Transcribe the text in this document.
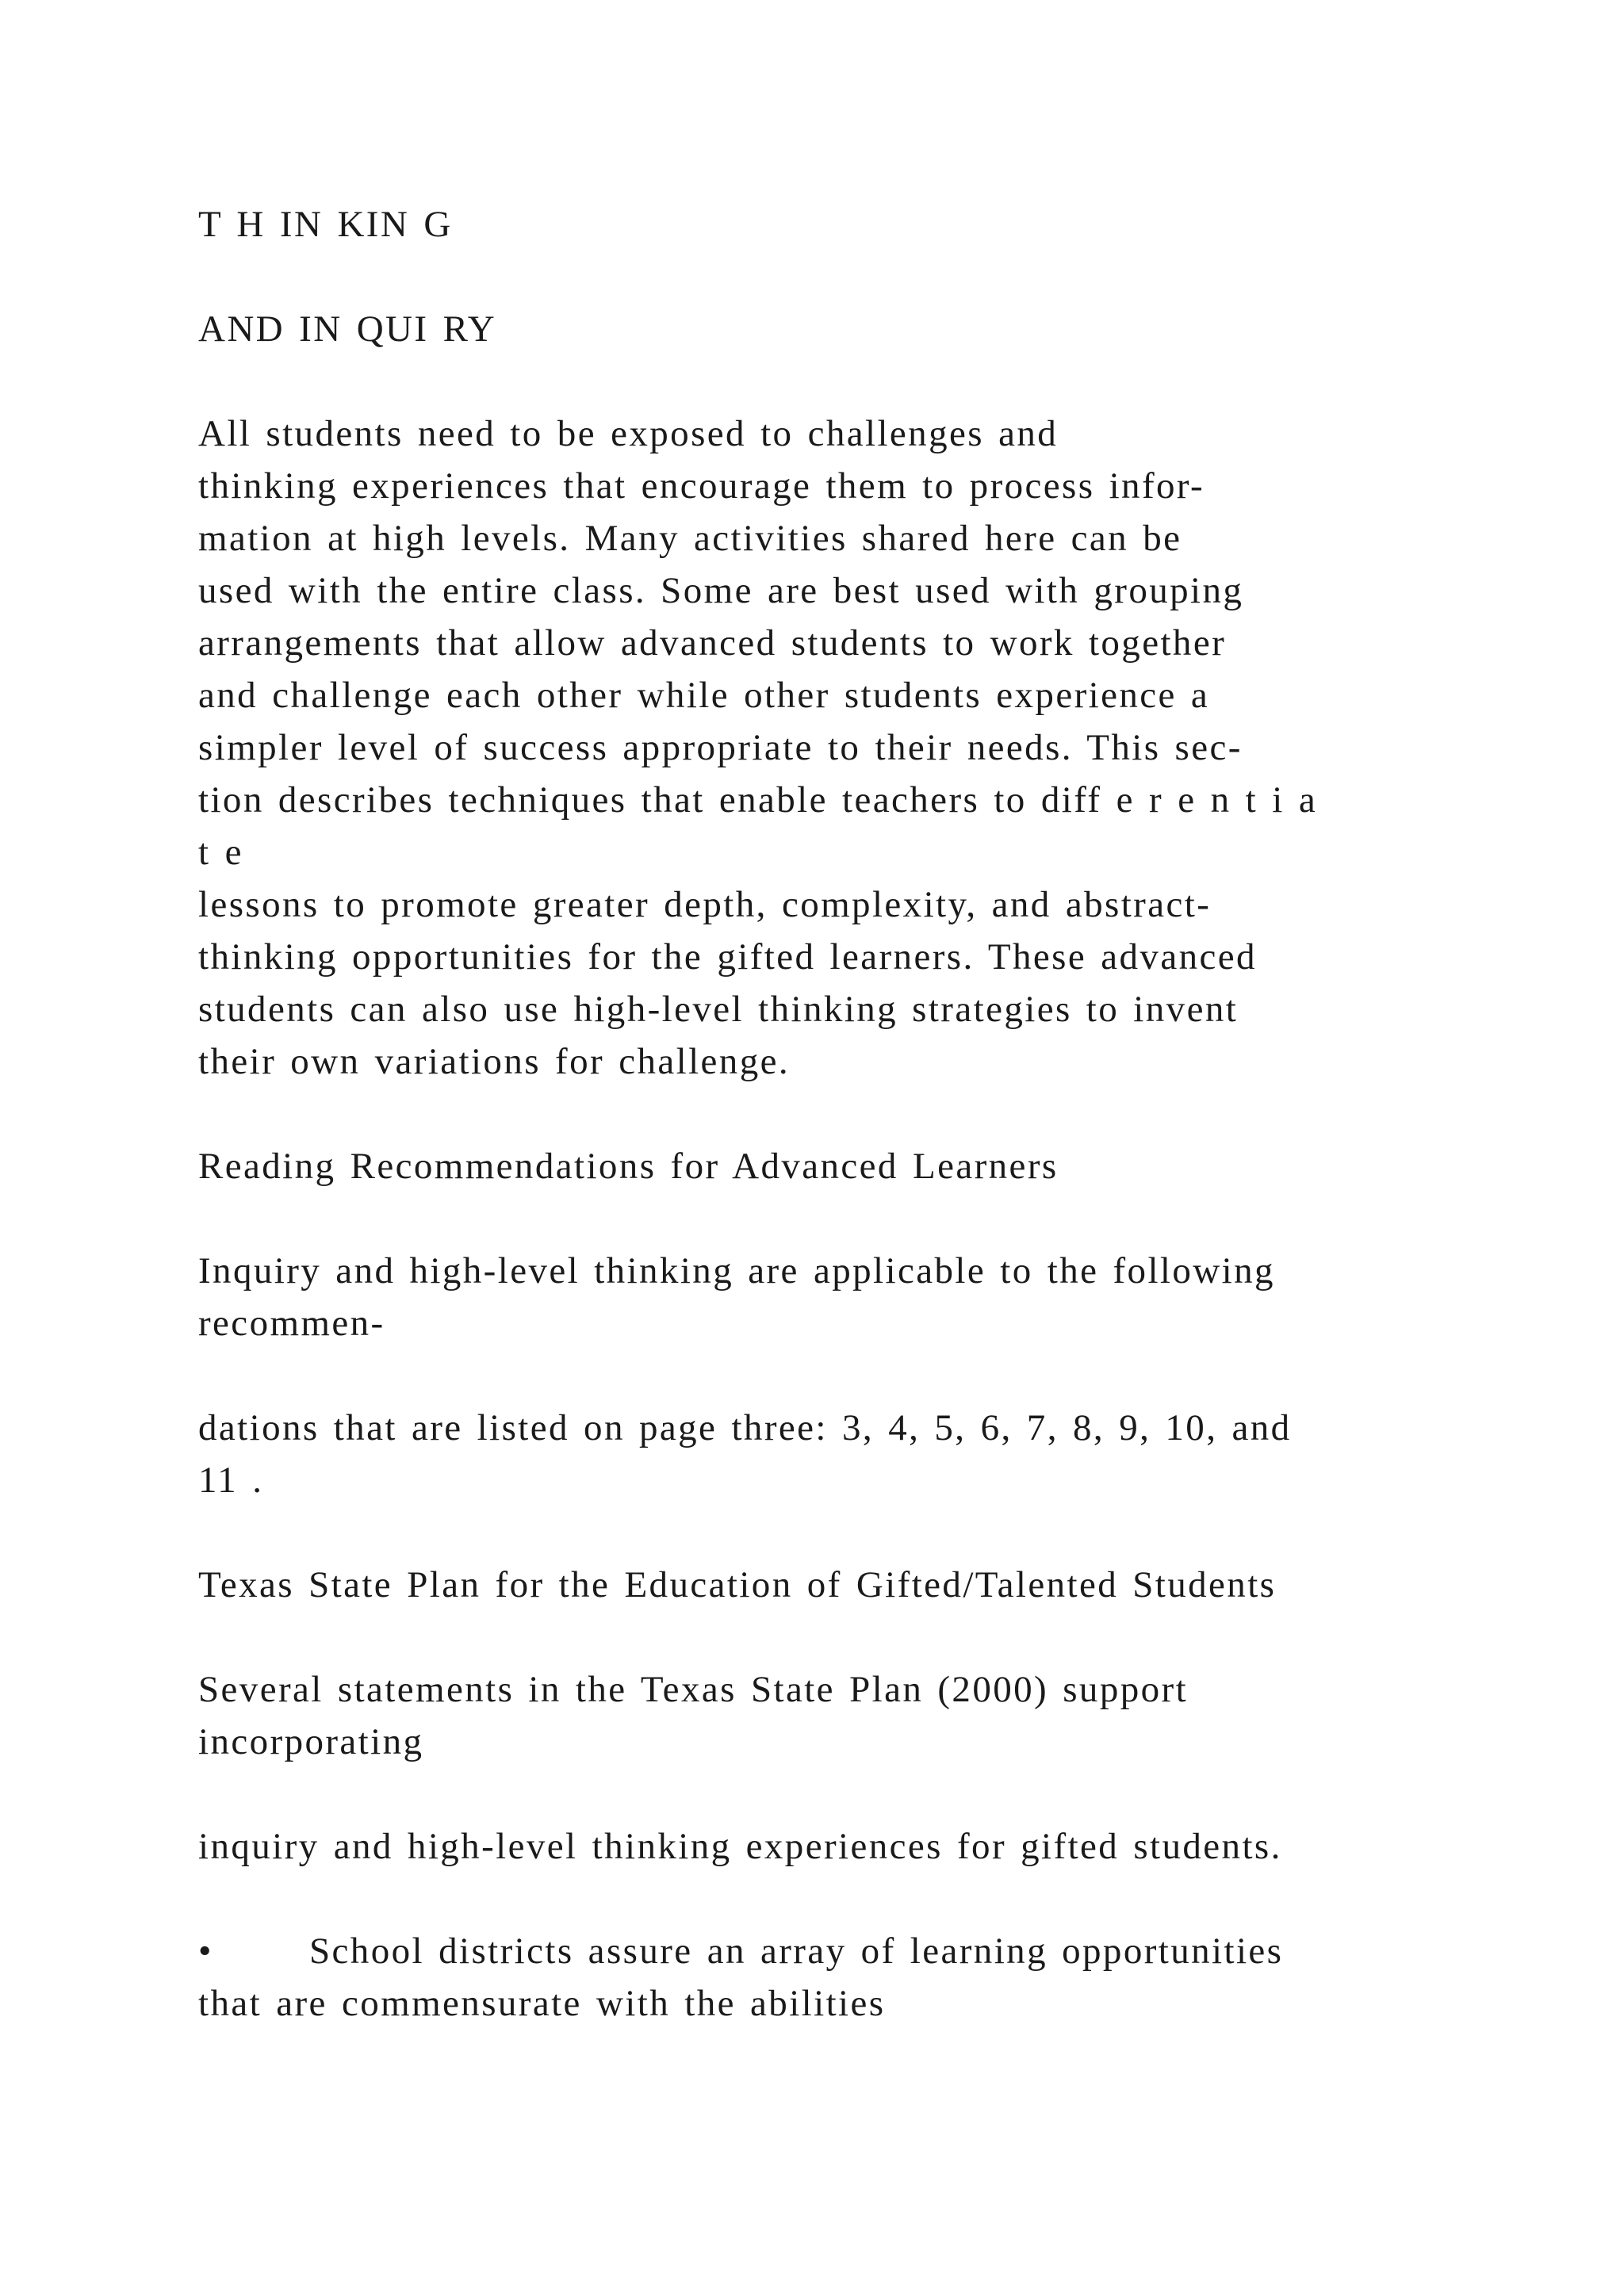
T H IN KIN G
AND IN QUI RY
All students need to be exposed to challenges and
thinking experiences that encourage them to process infor-
mation at high levels. Many activities shared here can be
used with the entire class. Some are best used with grouping
arrangements that allow advanced students to work together
and challenge each other while other students experience a
simpler level of success appropriate to their needs. This sec-
tion describes techniques that enable teachers to diff e r e n t i a
t e
lessons to promote greater depth, complexity, and abstract-
thinking opportunities for the gifted learners. These advanced
students can also use high-level thinking strategies to invent
their own variations for challenge.
Reading Recommendations for Advanced Learners
Inquiry and high-level thinking are applicable to the following
recommen-
dations that are listed on page three: 3, 4, 5, 6, 7, 8, 9, 10, and
11 .
Texas State Plan for the Education of Gifted/Talented Students
Several statements in the Texas State Plan (2000) support
incorporating
inquiry and high-level thinking experiences for gifted students.
•	School districts assure an array of learning opportunities
that are commensurate with the abilities
